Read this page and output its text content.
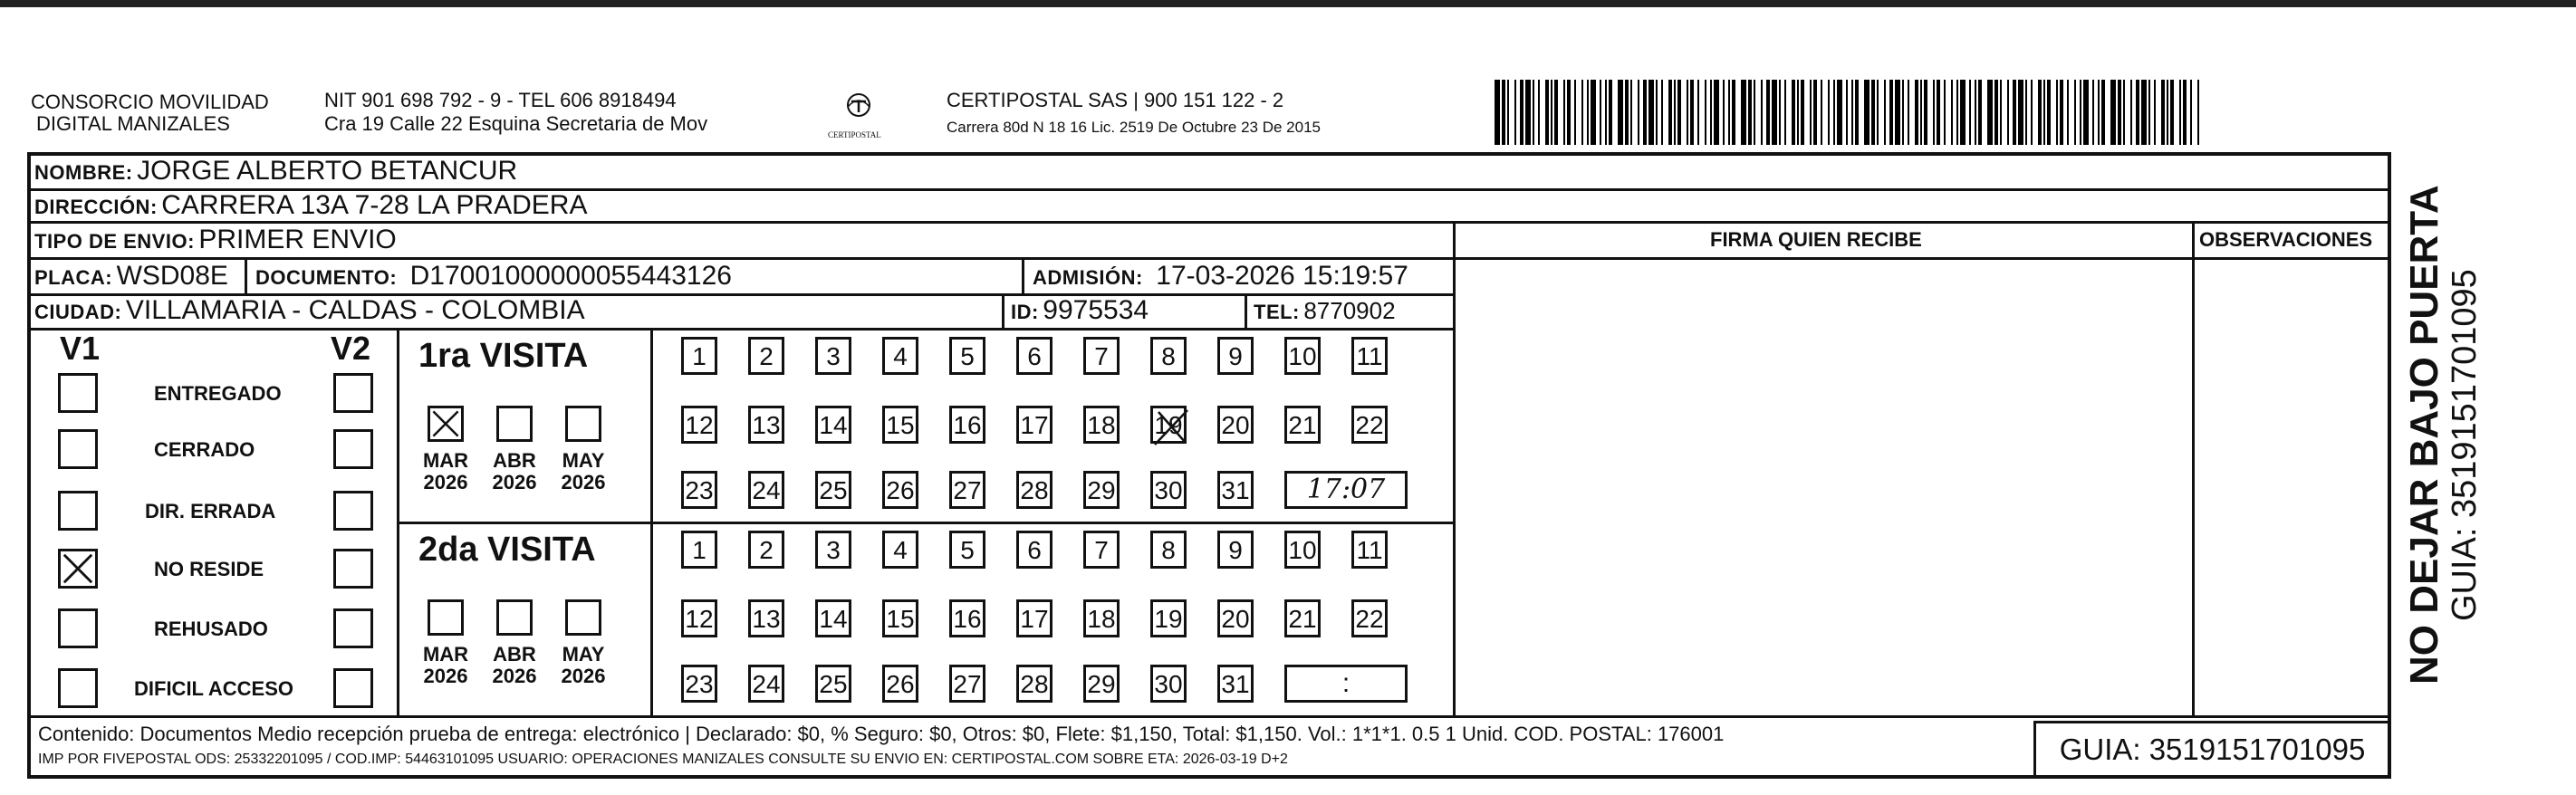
CONSORCIO MOVILIDAD
DIGITAL MANIZALES
NIT 901 698 792 - 9 - TEL 606 8918494
Cra 19 Calle 22 Esquina Secretaria de Mov	CERTIPOSTAL
CERTIPOSTAL SAS | 900 151 122 - 2
Carrera 80d N 18 16 Lic. 2519 De Octubre 23 De 2015
NOMBRE: JORGE ALBERTO BETANCUR
DIRECCIÓN: CARRERA 13A 7-28 LA PRADERA
TIPO DE ENVIO: PRIMER ENVIO
PLACA: WSD08E DOCUMENTO: D17001000000055443126	ADMISIÓN: 17-03-2026 15:19:57
CIUDAD: VILLAMARIA - CALDAS - COLOMBIA	ID: 9975534	TEL: 8770902
FIRMA QUIEN RECIBE	OBSERVACIONES
V1	V2
ENTREGADO
CERRADO
DIR. ERRADA
NO RESIDE
REHUSADO
DIFICIL ACCESO
1ra VISITA
2da VISITA
MAR
2026
ABR
2026
MAY
2026
1	2	3	4	5	6	7	8	9	10 11
12 13 14 15 16 17 18 19 20 21 22
23 24 25 26 27 28 29 30 31	17:07
MAR
2026
ABR
2026
MAY
2026
1	2	3	4	5	6	7	8	9	10 11
12 13 14 15 16 17 18 19 20 21 22
23 24 25 26 27 28 29 30 31	:
Contenido: Documentos Medio recepción prueba de entrega: electrónico | Declarado: $0, % Seguro: $0, Otros: $0, Flete: $1,150, Total: $1,150. Vol.: 1*1*1. 0.5 1 Unid. COD. POSTAL: 176001
IMP POR FIVEPOSTAL ODS: 25332201095 / COD.IMP: 54463101095 USUARIO: OPERACIONES MANIZALES CONSULTE SU ENVIO EN: CERTIPOSTAL.COM SOBRE ETA: 2026-03-19 D+2	GUIA: 3519151701095
NO DEJAR BAJO PUERTA GUIA: 3519151701095
